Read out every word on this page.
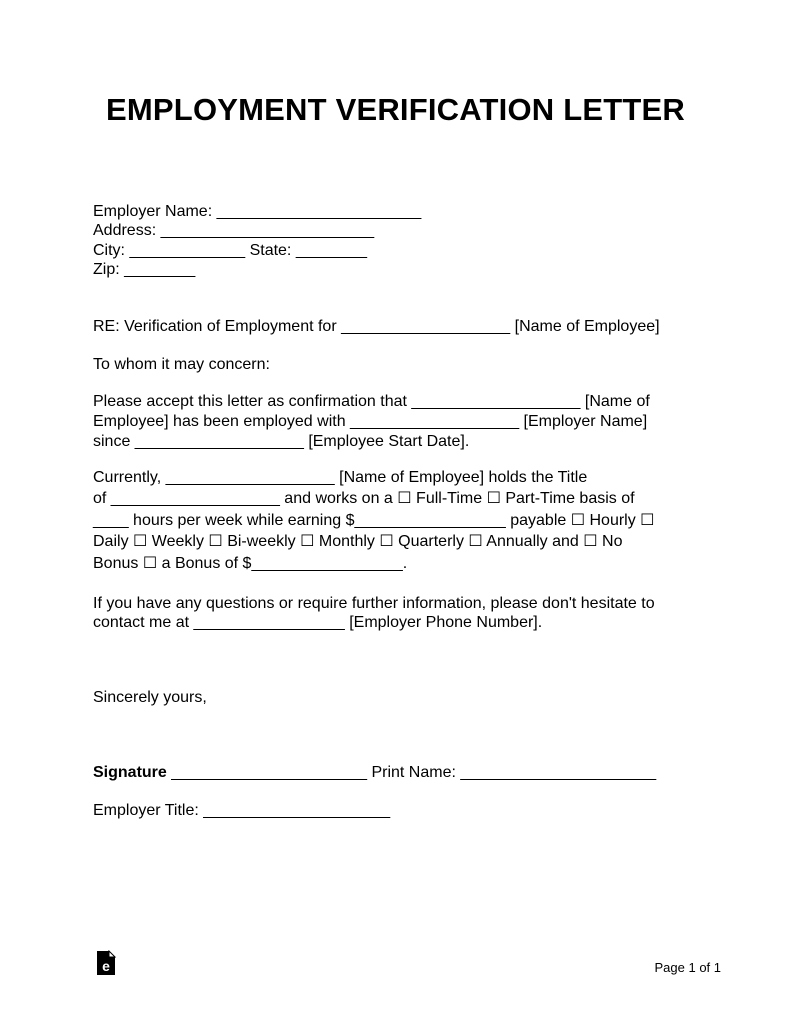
EMPLOYMENT VERIFICATION LETTER
Employer Name: _______________________
Address: ________________________
City: _____________ State: ________
Zip: ________
RE: Verification of Employment for ___________________ [Name of Employee]
To whom it may concern:
Please accept this letter as confirmation that ___________________ [Name of
Employee] has been employed with ___________________ [Employer Name]
since ___________________ [Employee Start Date].
Currently, ___________________ [Name of Employee] holds the Title
of ___________________ and works on a ☐ Full-Time ☐ Part-Time basis of
____ hours per week while earning $_________________ payable ☐ Hourly ☐
Daily ☐ Weekly ☐ Bi-weekly ☐ Monthly ☐ Quarterly ☐ Annually and ☐ No
Bonus ☐ a Bonus of $_________________.
If you have any questions or require further information, please don't hesitate to
contact me at _________________ [Employer Phone Number].
Sincerely yours,
Signature ______________________ Print Name: ______________________
Employer Title: _____________________
e	Page 1 of 1
